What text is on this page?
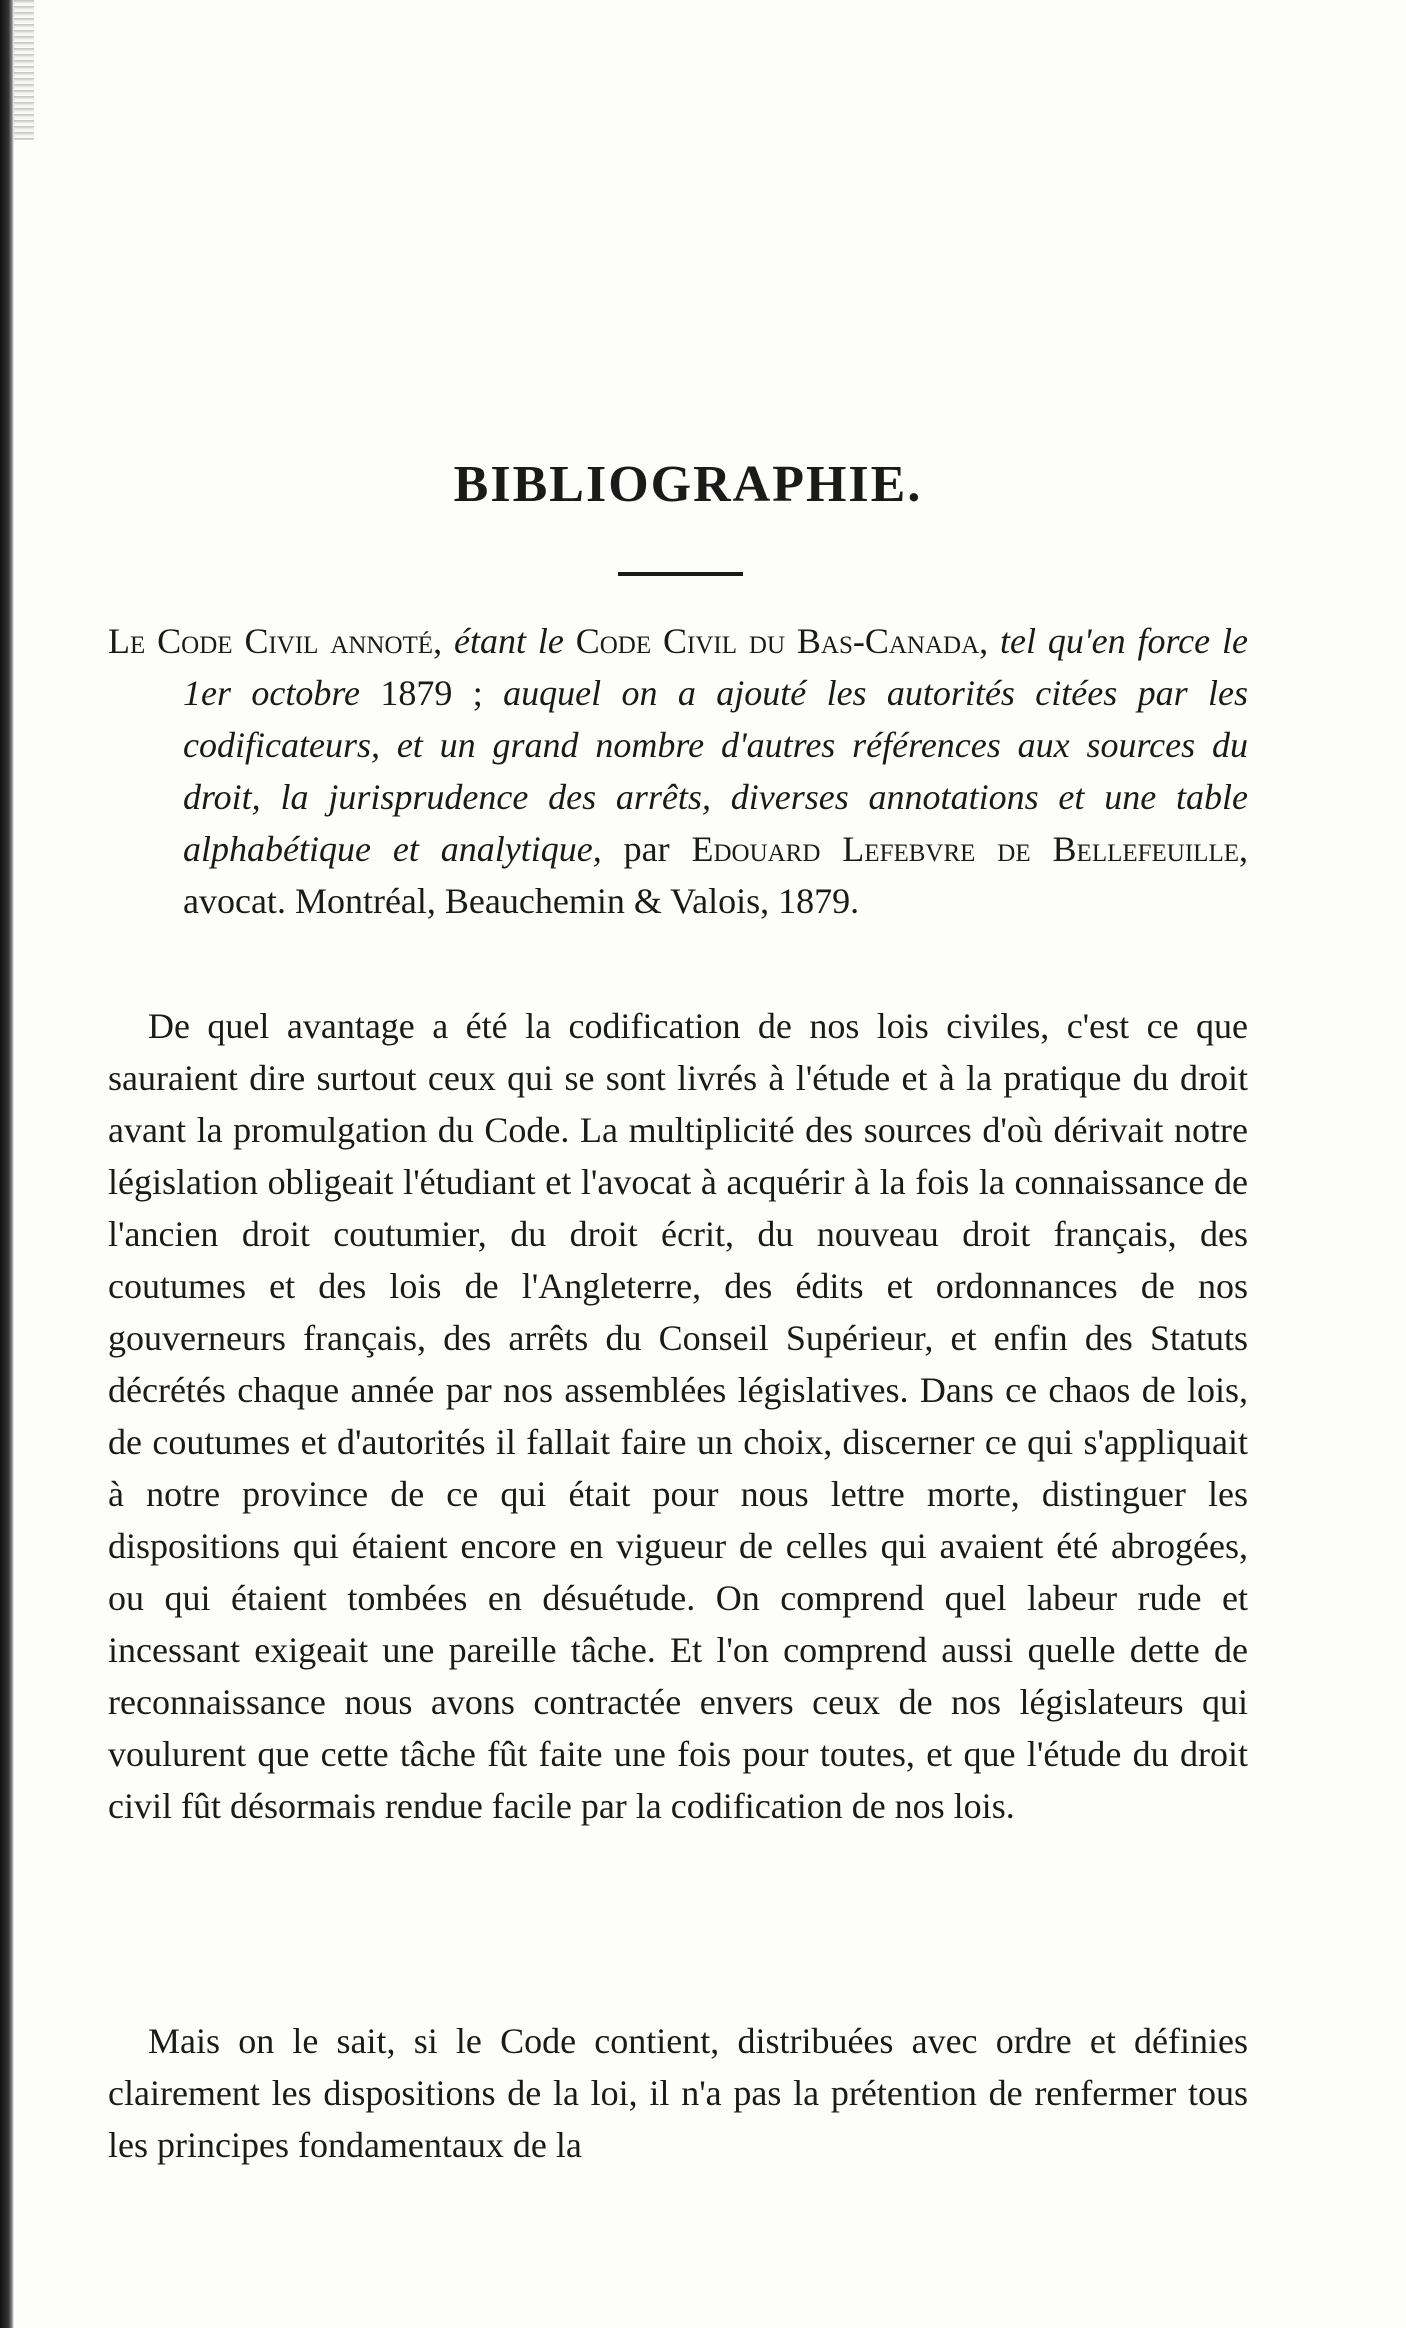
BIBLIOGRAPHIE.
Le Code Civil annoté, étant le Code Civil du Bas-Canada, tel qu'en force le 1er octobre 1879 ; auquel on a ajouté les autorités citées par les codificateurs, et un grand nombre d'autres références aux sources du droit, la jurisprudence des arrêts, diverses annotations et une table alphabétique et analytique, par Edouard Lefebvre de Bellefeuille, avocat. Montréal, Beauchemin & Valois, 1879.

De quel avantage a été la codification de nos lois civiles, c'est ce que sauraient dire surtout ceux qui se sont livrés à l'étude et à la pratique du droit avant la promulgation du Code. La multiplicité des sources d'où dérivait notre législation obligeait l'étudiant et l'avocat à acquérir à la fois la connaissance de l'ancien droit coutumier, du droit écrit, du nouveau droit français, des coutumes et des lois de l'Angleterre, des édits et ordonnances de nos gouverneurs français, des arrêts du Conseil Supérieur, et enfin des Statuts décrétés chaque année par nos assemblées législatives. Dans ce chaos de lois, de coutumes et d'autorités il fallait faire un choix, discerner ce qui s'appliquait à notre province de ce qui était pour nous lettre morte, distinguer les dispositions qui étaient encore en vigueur de celles qui avaient été abrogées, ou qui étaient tombées en désuétude. On comprend quel labeur rude et incessant exigeait une pareille tâche. Et l'on comprend aussi quelle dette de reconnaissance nous avons contractée envers ceux de nos législateurs qui voulurent que cette tâche fût faite une fois pour toutes, et que l'étude du droit civil fût désormais rendue facile par la codification de nos lois.

Mais on le sait, si le Code contient, distribuées avec ordre et définies clairement les dispositions de la loi, il n'a pas la prétention de renfermer tous les principes fondamentaux de la
